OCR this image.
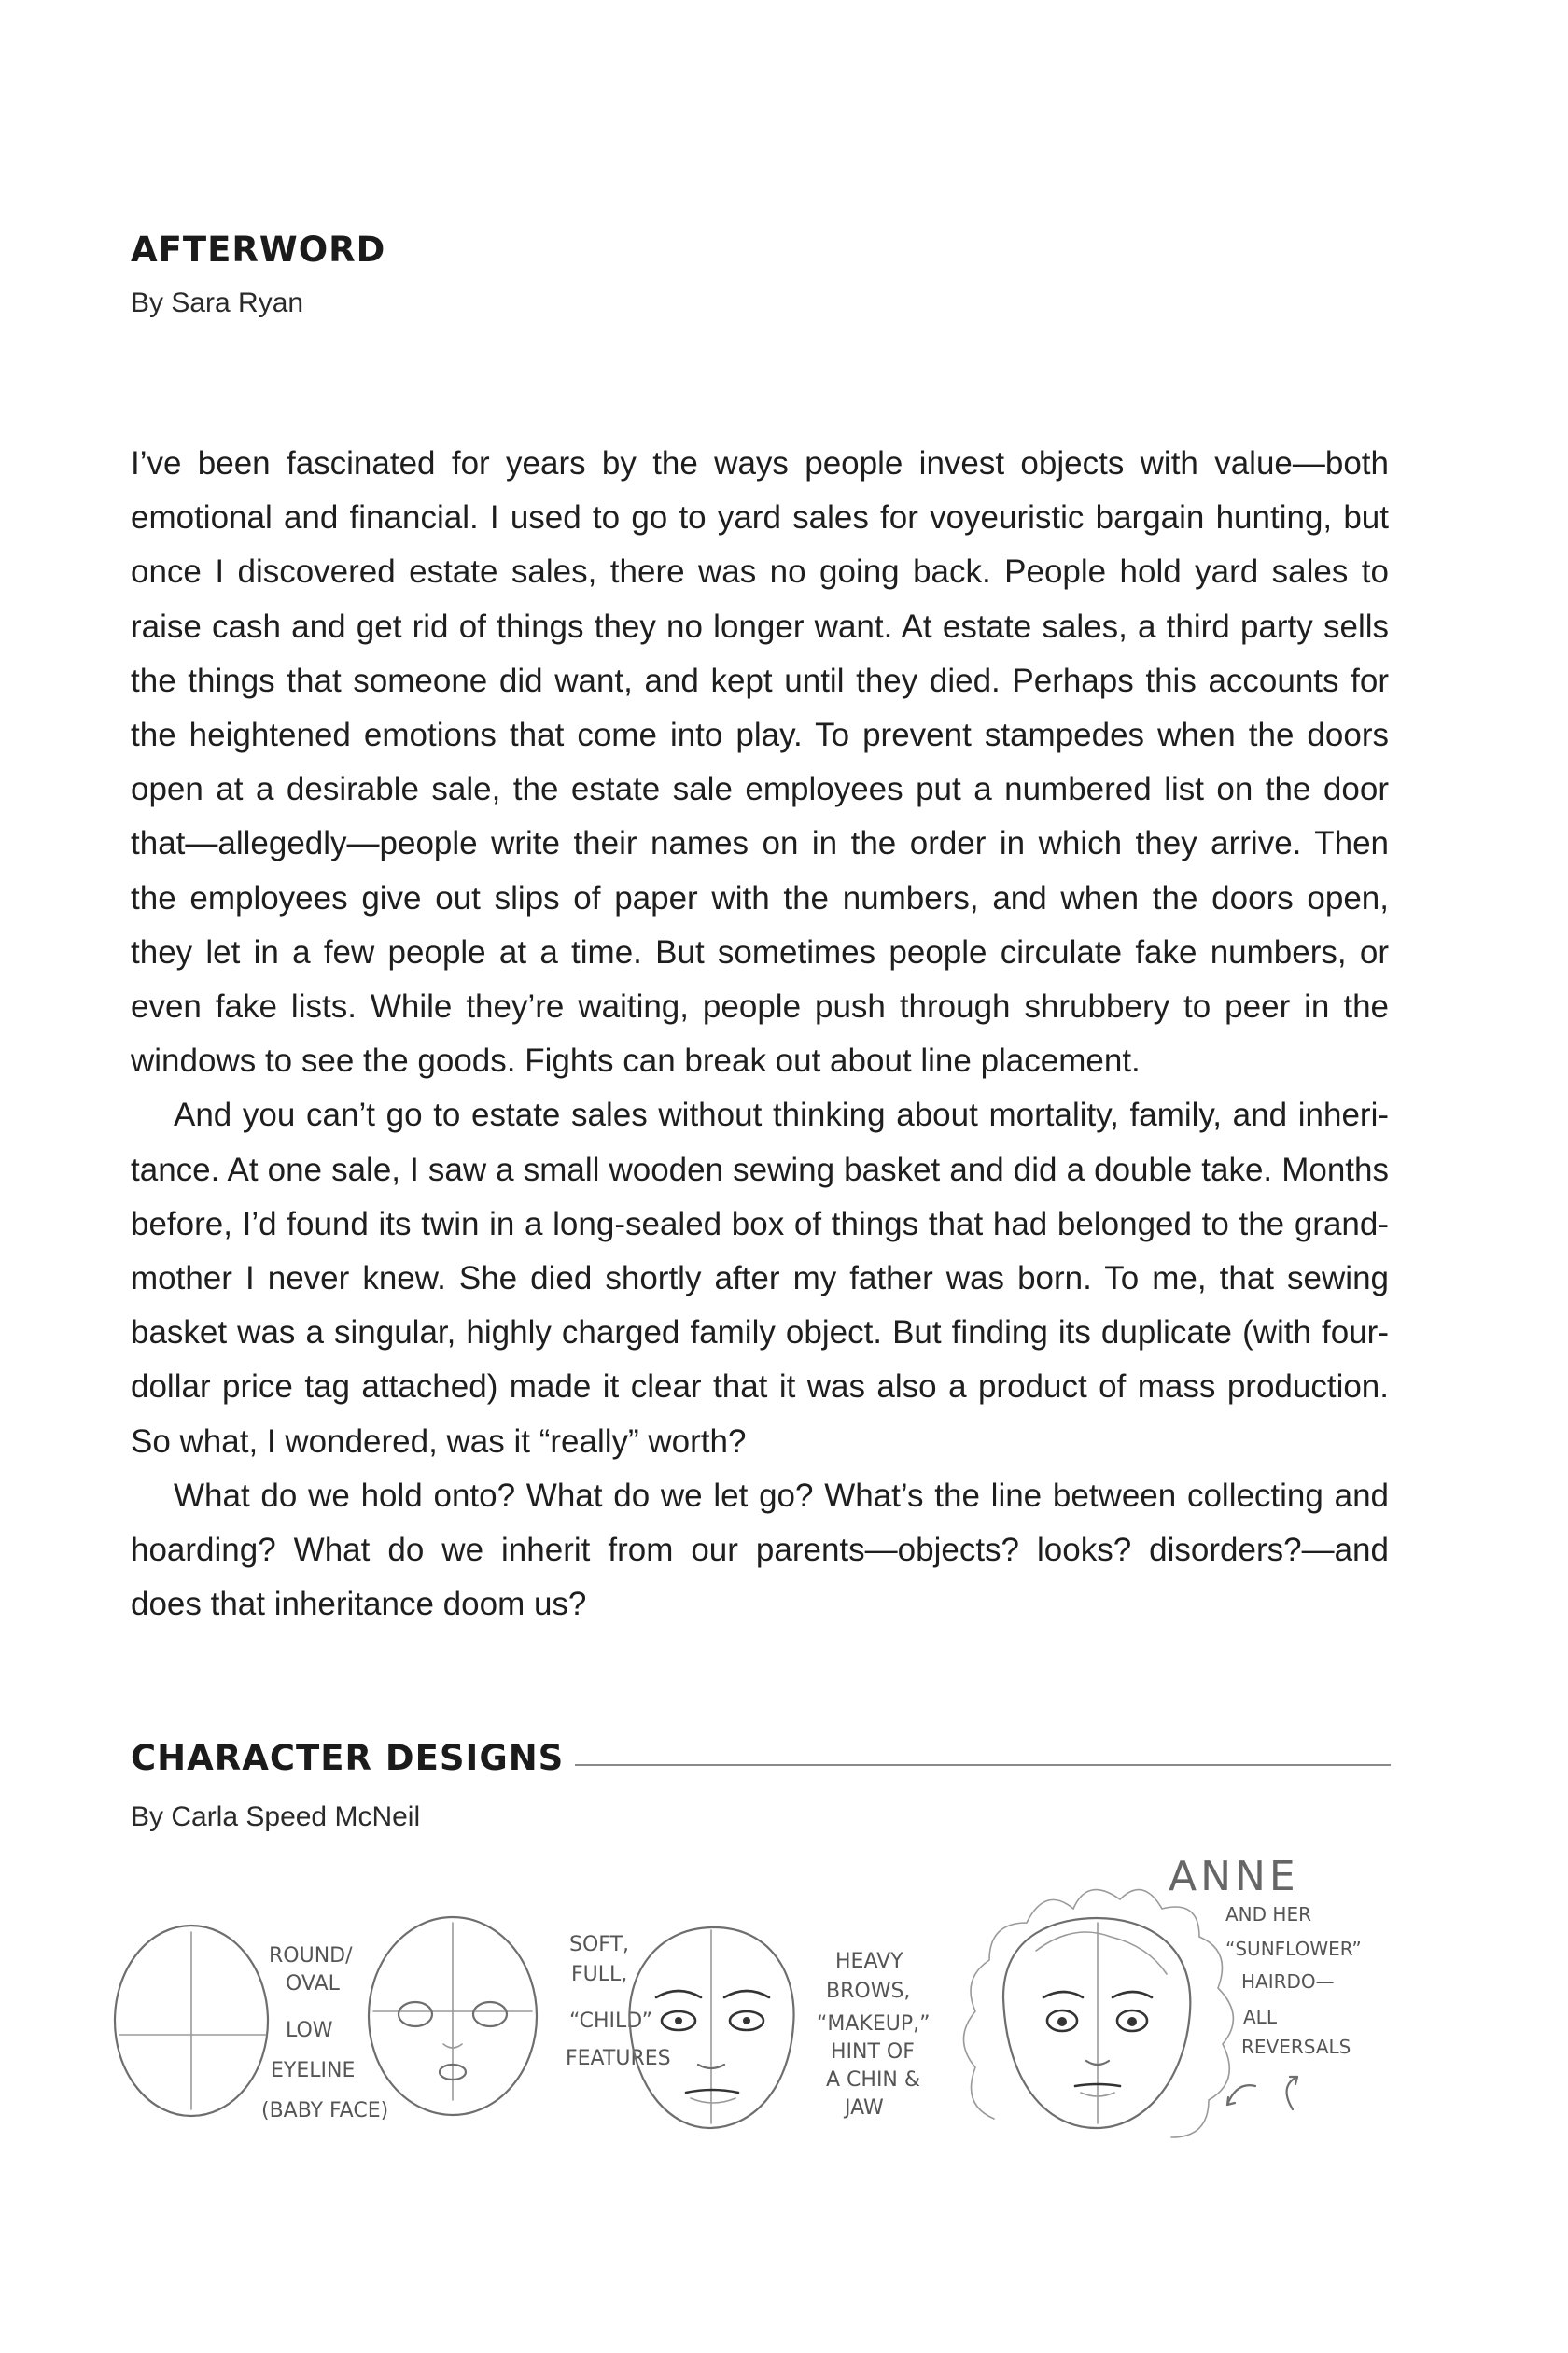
AFTERWORD

By Sara Ryan

I’ve been fascinated for years by the ways people invest objects with value—both emotional and financial. I used to go to yard sales for voyeuristic bargain hunting, but once I discovered estate sales, there was no going back. People hold yard sales to raise cash and get rid of things they no longer want. At estate sales, a third party sells the things that someone did want, and kept until they died. Perhaps this accounts for the heightened emotions that come into play. To prevent stampedes when the doors open at a desirable sale, the estate sale employees put a numbered list on the door that—allegedly—people write their names on in the order in which they arrive. Then the employees give out slips of paper with the numbers, and when the doors open, they let in a few people at a time. But sometimes people circulate fake numbers, or even fake lists. While they’re waiting, people push through shrubbery to peer in the windows to see the goods. Fights can break out about line placement.

And you can’t go to estate sales without thinking about mortality, family, and inheritance. At one sale, I saw a small wooden sewing basket and did a double take. Months before, I’d found its twin in a long-sealed box of things that had belonged to the grandmother I never knew. She died shortly after my father was born. To me, that sewing basket was a singular, highly charged family object. But finding its duplicate (with four-dollar price tag attached) made it clear that it was also a product of mass production. So what, I wondered, was it “really” worth?

What do we hold onto? What do we let go? What’s the line between collecting and hoarding? What do we inherit from our parents—objects? looks? disorders?—and does that inheritance doom us?

CHARACTER DESIGNS

By Carla Speed McNeil

ANNE
ROUND/
OVAL
LOW
EYELINE
(BABY FACE)
SOFT,
FULL,
“CHILD”
FEATURES
HEAVY
BROWS,
“MAKEUP,”
HINT OF
A CHIN &
JAW
AND HER
“SUNFLOWER”
HAIRDO—
ALL
REVERSALS
